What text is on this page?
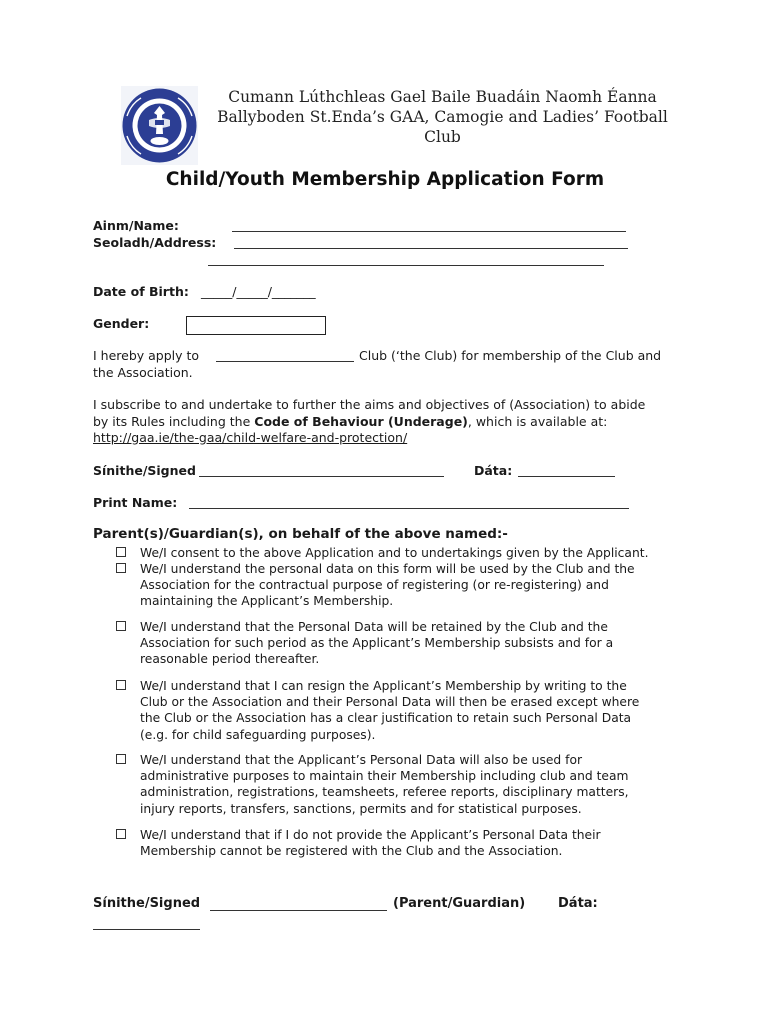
Cumann Lúthchleas Gael Baile Buadáin Naomh Éanna
Ballyboden St.Enda’s GAA, Camogie and Ladies’ Football
Club
Child/Youth Membership Application Form
Ainm/Name:
Seoladh/Address:
Date of Birth: _____/_____/_______
Gender:
I hereby apply to	Club (‘the Club) for membership of the Club and
the Association.
I subscribe to and undertake to further the aims and objectives of (Association) to abide
by its Rules including the Code of Behaviour (Underage), which is available at:
http://gaa.ie/the-gaa/child-welfare-and-protection/
Sínithe/Signed	Dáta:
Print Name:
Parent(s)/Guardian(s), on behalf of the above named:-
We/I consent to the above Application and to undertakings given by the Applicant.
We/I understand the personal data on this form will be used by the Club and the
Association for the contractual purpose of registering (or re-registering) and
maintaining the Applicant’s Membership.
We/I understand that the Personal Data will be retained by the Club and the
Association for such period as the Applicant’s Membership subsists and for a
reasonable period thereafter.
We/I understand that I can resign the Applicant’s Membership by writing to the
Club or the Association and their Personal Data will then be erased except where
the Club or the Association has a clear justification to retain such Personal Data
(e.g. for child safeguarding purposes).
We/I understand that the Applicant’s Personal Data will also be used for
administrative purposes to maintain their Membership including club and team
administration, registrations, teamsheets, referee reports, disciplinary matters,
injury reports, transfers, sanctions, permits and for statistical purposes.
We/I understand that if I do not provide the Applicant’s Personal Data their
Membership cannot be registered with the Club and the Association.
Sínithe/Signed	(Parent/Guardian)	Dáta:
